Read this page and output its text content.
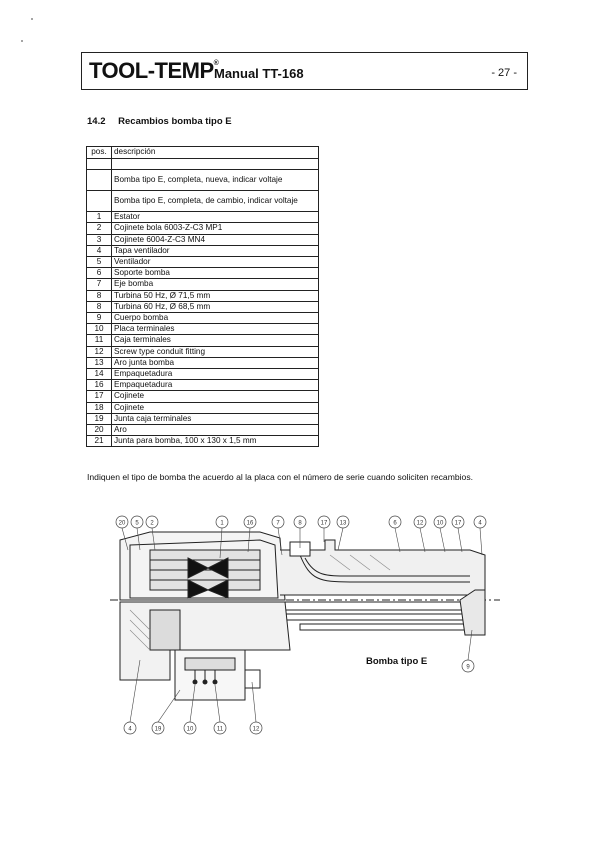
TOOL-TEMP®
Manual TT-168	- 27 -
14.2 Recambios bomba tipo E
pos.	descripción

	Bomba tipo E, completa, nueva, indicar voltaje
	Bomba tipo E, completa, de cambio, indicar voltaje
1	Estator
2	Cojinete bola 6003-Z-C3 MP1
3	Cojinete 6004-Z-C3 MN4
4	Tapa ventilador
5	Ventilador
6	Soporte bomba
7	Eje bomba
8	Turbina 50 Hz, Ø 71,5 mm
8	Turbina 60 Hz, Ø 68,5 mm
9	Cuerpo bomba
10	Placa terminales
11	Caja terminales
12	Screw type conduit fitting
13	Aro junta bomba
14	Empaquetadura
16	Empaquetadura
17	Cojinete
18	Cojinete
19	Junta caja terminales
20	Aro
21	Junta para bomba, 100 x 130 x 1,5 mm
Indiquen el tipo de bomba the acuerdo al la placa con el número de serie cuando soliciten recambios.
20 5 2	1	16	7	8	17 13	6	12 10 17	4
4	19	10	11	12
9
Bomba tipo E
